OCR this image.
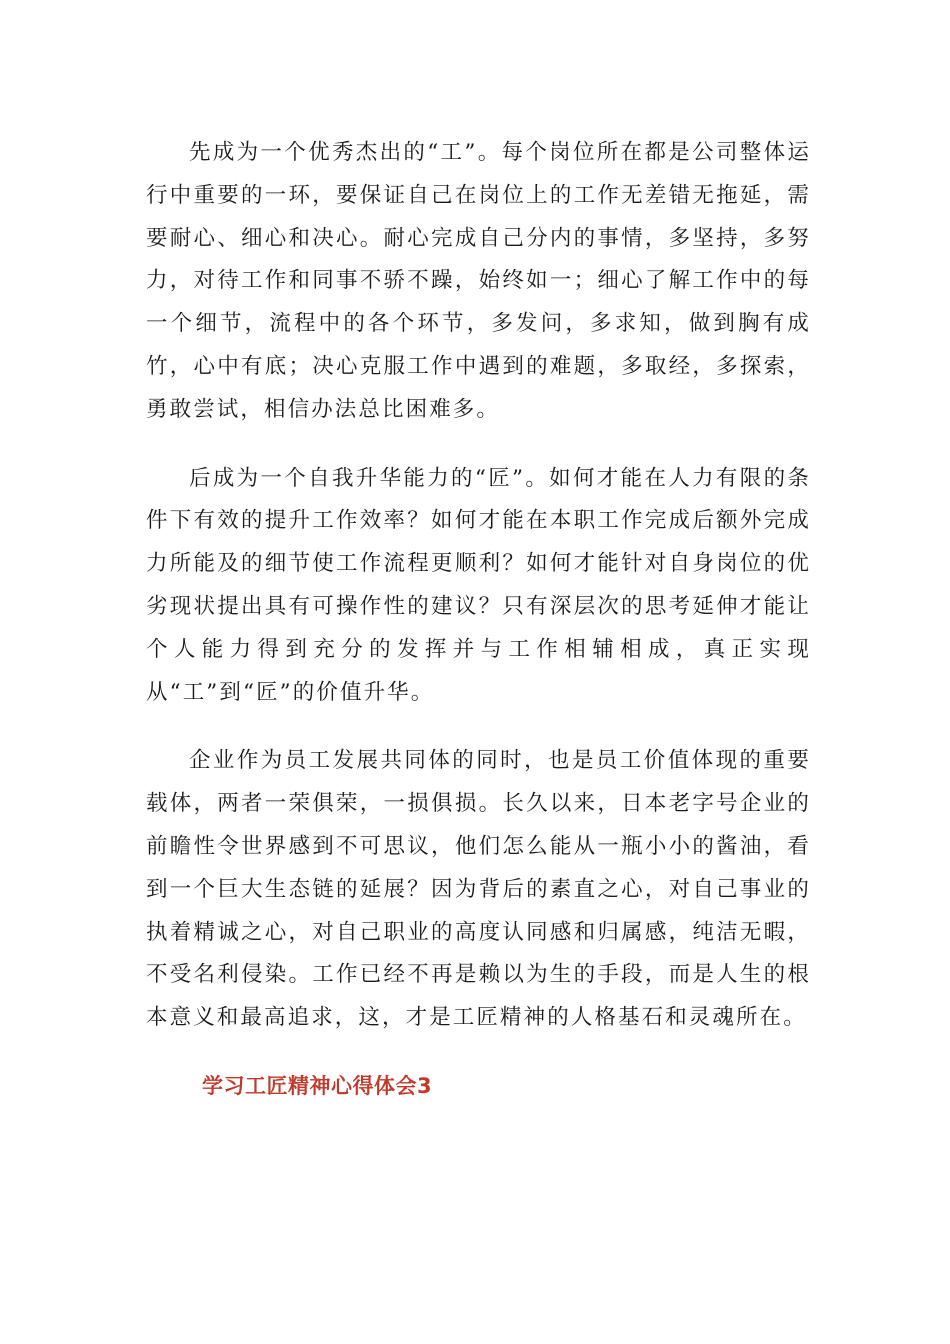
先成为一个优秀杰出的“工”。每个岗位所在都是公司整体运行中重要的一环，要保证自己在岗位上的工作无差错无拖延，需要耐心、细心和决心。耐心完成自己分内的事情，多坚持，多努力，对待工作和同事不骄不躁，始终如一；细心了解工作中的每一个细节，流程中的各个环节，多发问，多求知，做到胸有成竹，心中有底；决心克服工作中遇到的难题，多取经，多探索，勇敢尝试，相信办法总比困难多。

后成为一个自我升华能力的“匠”。如何才能在人力有限的条件下有效的提升工作效率？如何才能在本职工作完成后额外完成力所能及的细节使工作流程更顺利？如何才能针对自身岗位的优劣现状提出具有可操作性的建议？只有深层次的思考延伸才能让个人能力得到充分的发挥并与工作相辅相成，真正实现从“工”到“匠”的价值升华。

企业作为员工发展共同体的同时，也是员工价值体现的重要载体，两者一荣俱荣，一损俱损。长久以来，日本老字号企业的前瞻性令世界感到不可思议，他们怎么能从一瓶小小的酱油，看到一个巨大生态链的延展？因为背后的素直之心，对自己事业的执着精诚之心，对自己职业的高度认同感和归属感，纯洁无暇，不受名利侵染。工作已经不再是赖以为生的手段，而是人生的根本意义和最高追求，这，才是工匠精神的人格基石和灵魂所在。

学习工匠精神心得体会3
